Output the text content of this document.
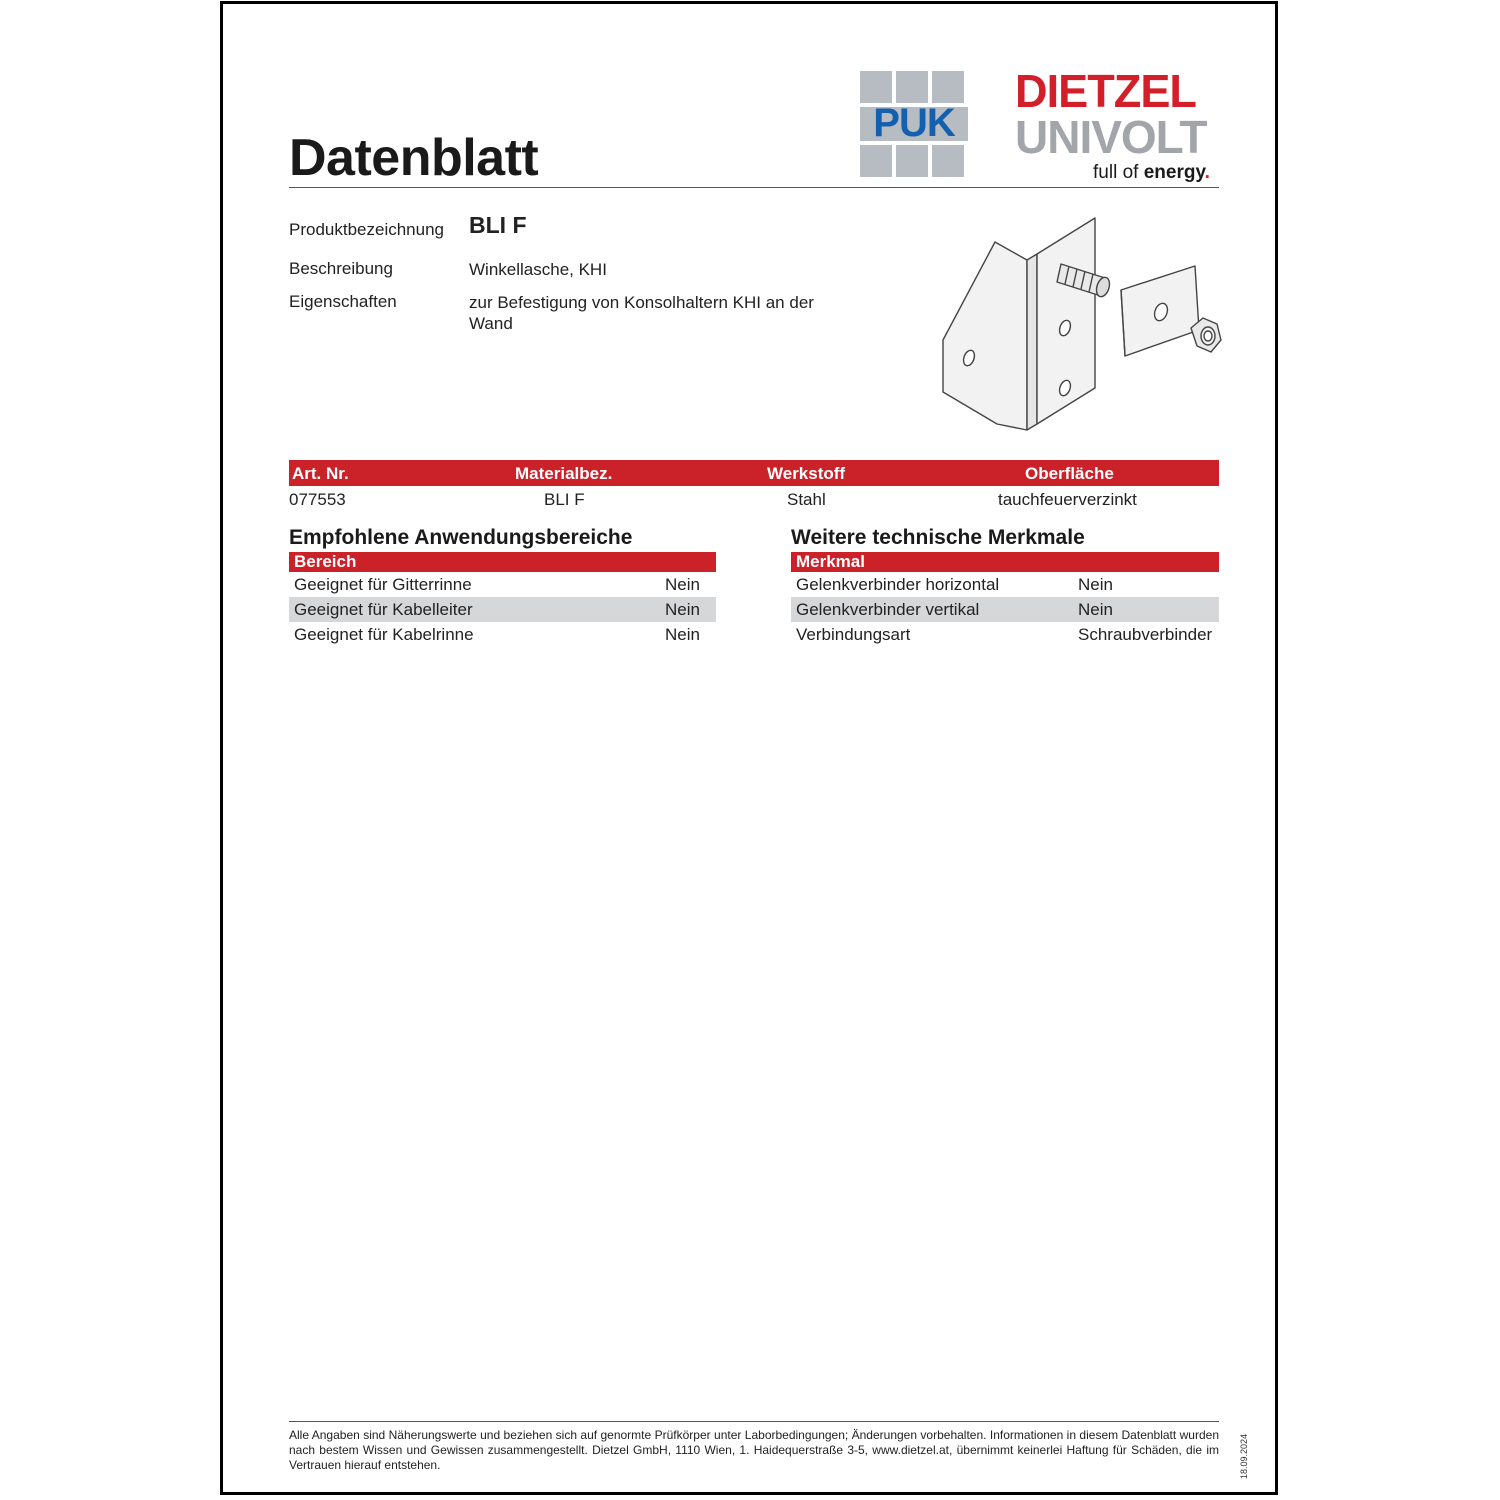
Datenblatt
PUK
DIETZEL
UNIVOLT
full of energy.
Produktbezeichnung BLI F
Beschreibung	Winkellasche, KHI
Eigenschaften	zur Befestigung von Konsolhaltern KHI an der Wand
Art. Nr.	Materialbez.	Werkstoff	Oberfläche
077553	BLI F	Stahl	tauchfeuerverzinkt
Empfohlene Anwendungsbereiche
Bereich
Geeignet für Gitterrinne	Nein
Geeignet für Kabelleiter	Nein
Geeignet für Kabelrinne	Nein
Weitere technische Merkmale
Merkmal
Gelenkverbinder horizontal	Nein
Gelenkverbinder vertikal	Nein
Verbindungsart	Schraubverbinder
Alle Angaben sind Näherungswerte und beziehen sich auf genormte Prüfkörper unter Laborbedingungen; Änderungen vorbehalten. Informationen in diesem Datenblatt wurden nach bestem Wissen und Gewissen zusammengestellt. Dietzel GmbH, 1110 Wien, 1. Haidequerstraße 3-5, www.dietzel.at, übernimmt keinerlei Haftung für Schäden, die im Vertrauen hierauf entstehen.	18.09.2024
